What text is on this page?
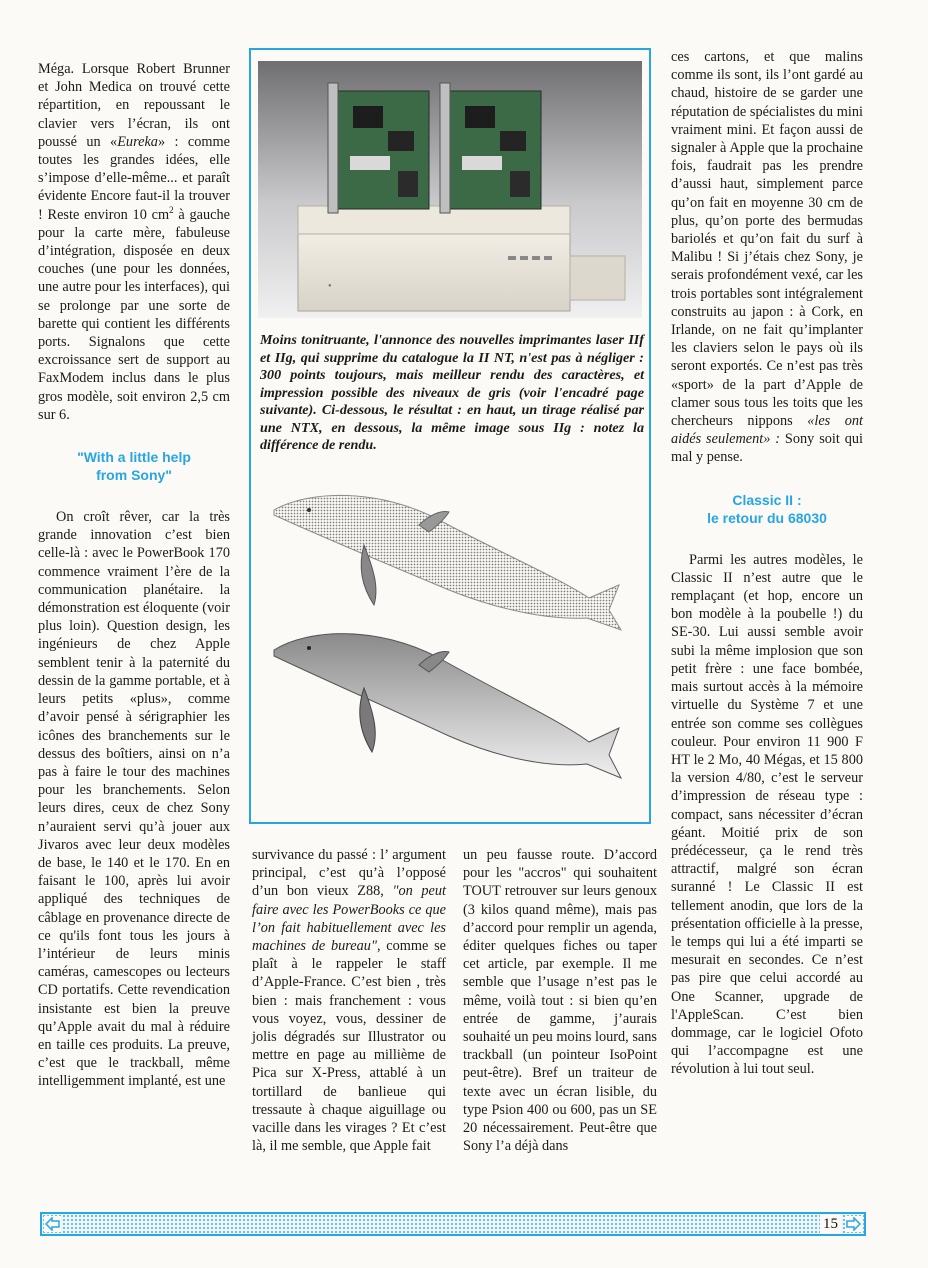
Méga. Lorsque Robert Brunner et John Medica on trouvé cette répartition, en repoussant le clavier vers l’écran, ils ont poussé un «Eureka» : comme toutes les grandes idées, elle s’impose d’elle-même... et paraît évidente Encore faut-il la trouver ! Reste environ 10 $cm^2$ à gauche pour la carte mère, fabuleuse d’intégration, disposée en deux couches (une pour les données, une autre pour les interfaces), qui se prolonge par une sorte de barette qui contient les différents ports. Signalons que cette excroissance sert de support au FaxModem inclus dans le plus gros modèle, soit environ 2,5 cm sur 6.

"With a little help
from Sony"

On croît rêver, car la très grande innovation c’est bien celle-là : avec le PowerBook 170 commence vraiment l’ère de la communication planétaire. la démonstration est éloquente (voir plus loin). Question design, les ingénieurs de chez Apple semblent tenir à la paternité du dessin de la gamme portable, et à leurs petits «plus», comme d’avoir pensé à sérigraphier les icônes des branchements sur le dessus des boîtiers, ainsi on n’a pas à faire le tour des machines pour les branchements. Selon leurs dires, ceux de chez Sony n’auraient servi qu’à jouer aux Jivaros avec leur deux modèles de base, le 140 et le 170. En en faisant le 100, après lui avoir appliqué des techniques de câblage en provenance directe de ce qu'ils font tous les jours à l’intérieur de leurs minis caméras, camescopes ou lecteurs CD portatifs. Cette revendication insistante est bien la preuve qu’Apple avait du mal à réduire en taille ces produits. La preuve, c’est que le trackball, même intelligemment implanté, est une

●

Moins tonitruante, l'annonce des nouvelles imprimantes laser IIf et IIg, qui supprime du catalogue la II NT, n'est pas à négliger : 300 points toujours, mais meilleur rendu des caractères, et impression possible des niveaux de gris (voir l'encadré page suivante). Ci-dessous, le résultat : en haut, un tirage réalisé par une NTX, en dessous, la même image sous IIg : notez la différence de rendu.

survivance du passé : l’ argument principal, c’est qu’à l’opposé d’un bon vieux Z88, "on peut faire avec les PowerBooks ce que l’on fait habituellement avec les machines de bureau", comme se plaît à le rappeler le staff d’Apple-France. C’est bien , très bien : mais franchement : vous vous voyez, vous, dessiner de jolis dégradés sur Illustrator ou mettre en page au millième de Pica sur X-Press, attablé à un tortillard de banlieue qui tressaute à chaque aiguillage ou vacille dans les virages ? Et c’est là, il me semble, que Apple fait

un peu fausse route. D’accord pour les "accros" qui souhaitent TOUT retrouver sur leurs genoux (3 kilos quand même), mais pas d’accord pour remplir un agenda, éditer quelques fiches ou taper cet article, par exemple. Il me semble que l’usage n’est pas le même, voilà tout : si bien qu’en entrée de gamme, j’aurais souhaité un peu moins lourd, sans trackball (un pointeur IsoPoint peut-être). Bref un traiteur de texte avec un écran lisible, du type Psion 400 ou 600, pas un SE 20 nécessairement. Peut-être que Sony l’a déjà dans

ces cartons, et que malins comme ils sont, ils l’ont gardé au chaud, histoire de se garder une réputation de spécialistes du mini vraiment mini. Et façon aussi de signaler à Apple que la prochaine fois, faudrait pas les prendre d’aussi haut, simplement parce qu’on fait en moyenne 30 cm de plus, qu’on porte des bermudas bariolés et qu’on fait du surf à Malibu ! Si j’étais chez Sony, je serais profondément vexé, car les trois portables sont intégralement construits au japon : à Cork, en Irlande, on ne fait qu’implanter les claviers selon le pays où ils seront exportés. Ce n’est pas très «sport» de la part d’Apple de clamer sous tous les toits que les chercheurs nippons «les ont aidés seulement» : Sony soit qui mal y pense.

Classic II :
le retour du 68030

Parmi les autres modèles, le Classic II n’est autre que le remplaçant (et hop, encore un bon modèle à la poubelle !) du SE-30. Lui aussi semble avoir subi la même implosion que son petit frère : une face bombée, mais surtout accès à la mémoire virtuelle du Système 7 et une entrée son comme ses collègues couleur. Pour environ 11 900 F HT le 2 Mo, 40 Mégas, et 15 800 la version 4/80, c’est le serveur d’impression de réseau type : compact, sans nécessiter d’écran géant. Moitié prix de son prédécesseur, ça le rend très attractif, malgré son écran suranné ! Le Classic II est tellement anodin, que lors de la présentation officielle à la presse, le temps qui lui a été imparti se mesurait en secondes. Ce n’est pas pire que celui accordé au One Scanner, upgrade de l'AppleScan. C’est bien dommage, car le logiciel Ofoto qui l’accompagne est une révolution à lui tout seul.

15
